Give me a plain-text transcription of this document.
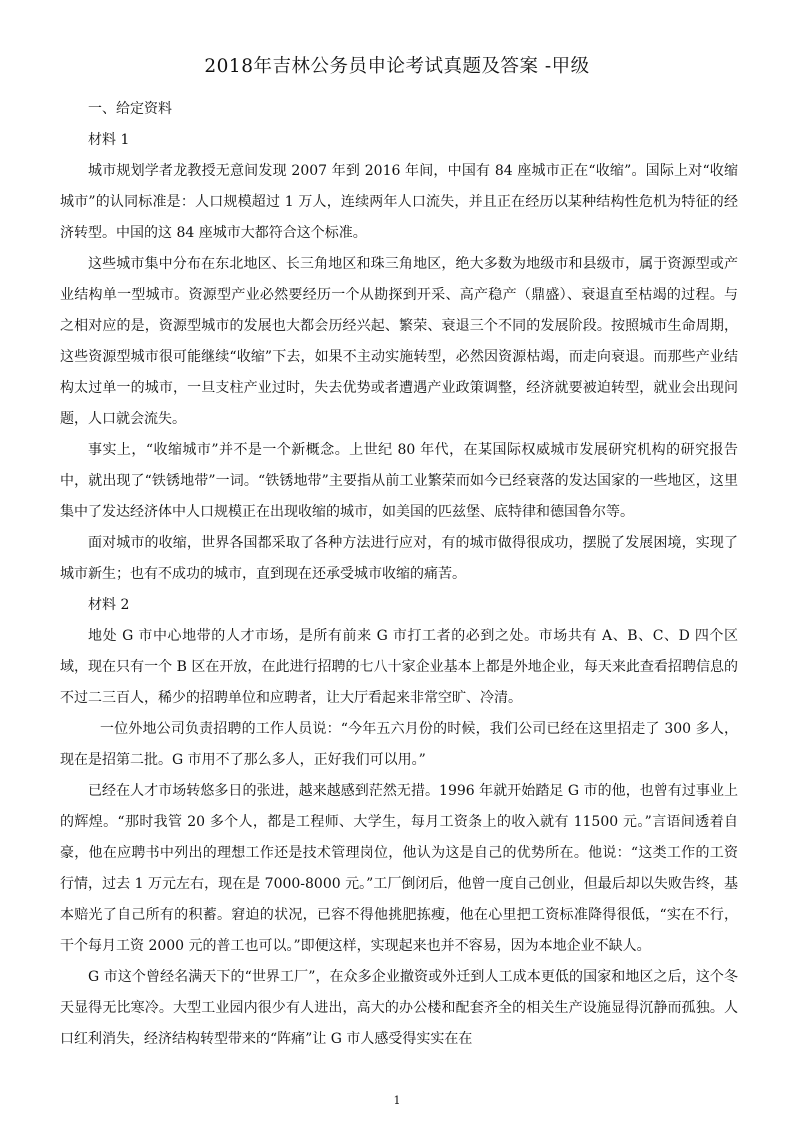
2018年吉林公务员申论考试真题及答案 -甲级

一、给定资料

材料 1

城市规划学者龙教授无意间发现 2007 年到 2016 年间，中国有 84 座城市正在“收缩”。国际上对“收缩城市”的认同标准是：人口规模超过 1 万人，连续两年人口流失，并且正在经历以某种结构性危机为特征的经济转型。中国的这 84 座城市大都符合这个标准。

这些城市集中分布在东北地区、长三角地区和珠三角地区，绝大多数为地级市和县级市，属于资源型或产业结构单一型城市。资源型产业必然要经历一个从勘探到开采、高产稳产（鼎盛）、衰退直至枯竭的过程。与之相对应的是，资源型城市的发展也大都会历经兴起、繁荣、衰退三个不同的发展阶段。按照城市生命周期，这些资源型城市很可能继续“收缩”下去，如果不主动实施转型，必然因资源枯竭，而走向衰退。而那些产业结构太过单一的城市，一旦支柱产业过时，失去优势或者遭遇产业政策调整，经济就要被迫转型，就业会出现问题，人口就会流失。

事实上，“收缩城市”并不是一个新概念。上世纪 80 年代，在某国际权威城市发展研究机构的研究报告中，就出现了“铁锈地带”一词。“铁锈地带”主要指从前工业繁荣而如今已经衰落的发达国家的一些地区，这里集中了发达经济体中人口规模正在出现收缩的城市，如美国的匹兹堡、底特律和德国鲁尔等。

面对城市的收缩，世界各国都采取了各种方法进行应对，有的城市做得很成功，摆脱了发展困境，实现了城市新生；也有不成功的城市，直到现在还承受城市收缩的痛苦。

材料 2

地处 G 市中心地带的人才市场，是所有前来 G 市打工者的必到之处。市场共有 A、B、C、D 四个区域，现在只有一个 B 区在开放，在此进行招聘的七八十家企业基本上都是外地企业，每天来此查看招聘信息的不过二三百人，稀少的招聘单位和应聘者，让大厅看起来非常空旷、冷清。

一位外地公司负责招聘的工作人员说：“今年五六月份的时候，我们公司已经在这里招走了 300 多人，现在是招第二批。G 市用不了那么多人，正好我们可以用。”

已经在人才市场转悠多日的张进，越来越感到茫然无措。1996 年就开始踏足 G 市的他，也曾有过事业上的辉煌。“那时我管 20 多个人，都是工程师、大学生，每月工资条上的收入就有 11500 元。”言语间透着自豪，他在应聘书中列出的理想工作还是技术管理岗位，他认为这是自己的优势所在。他说：“这类工作的工资行情，过去 1 万元左右，现在是 7000-8000 元。”工厂倒闭后，他曾一度自己创业，但最后却以失败告终，基本赔光了自己所有的积蓄。窘迫的状况，已容不得他挑肥拣瘦，他在心里把工资标准降得很低，“实在不行，干个每月工资 2000 元的普工也可以。”即便这样，实现起来也并不容易，因为本地企业不缺人。

G 市这个曾经名满天下的“世界工厂”，在众多企业撤资或外迁到人工成本更低的国家和地区之后，这个冬天显得无比寒冷。大型工业园内很少有人进出，高大的办公楼和配套齐全的相关生产设施显得沉静而孤独。人口红利消失，经济结构转型带来的“阵痛”让 G 市人感受得实实在在

1
